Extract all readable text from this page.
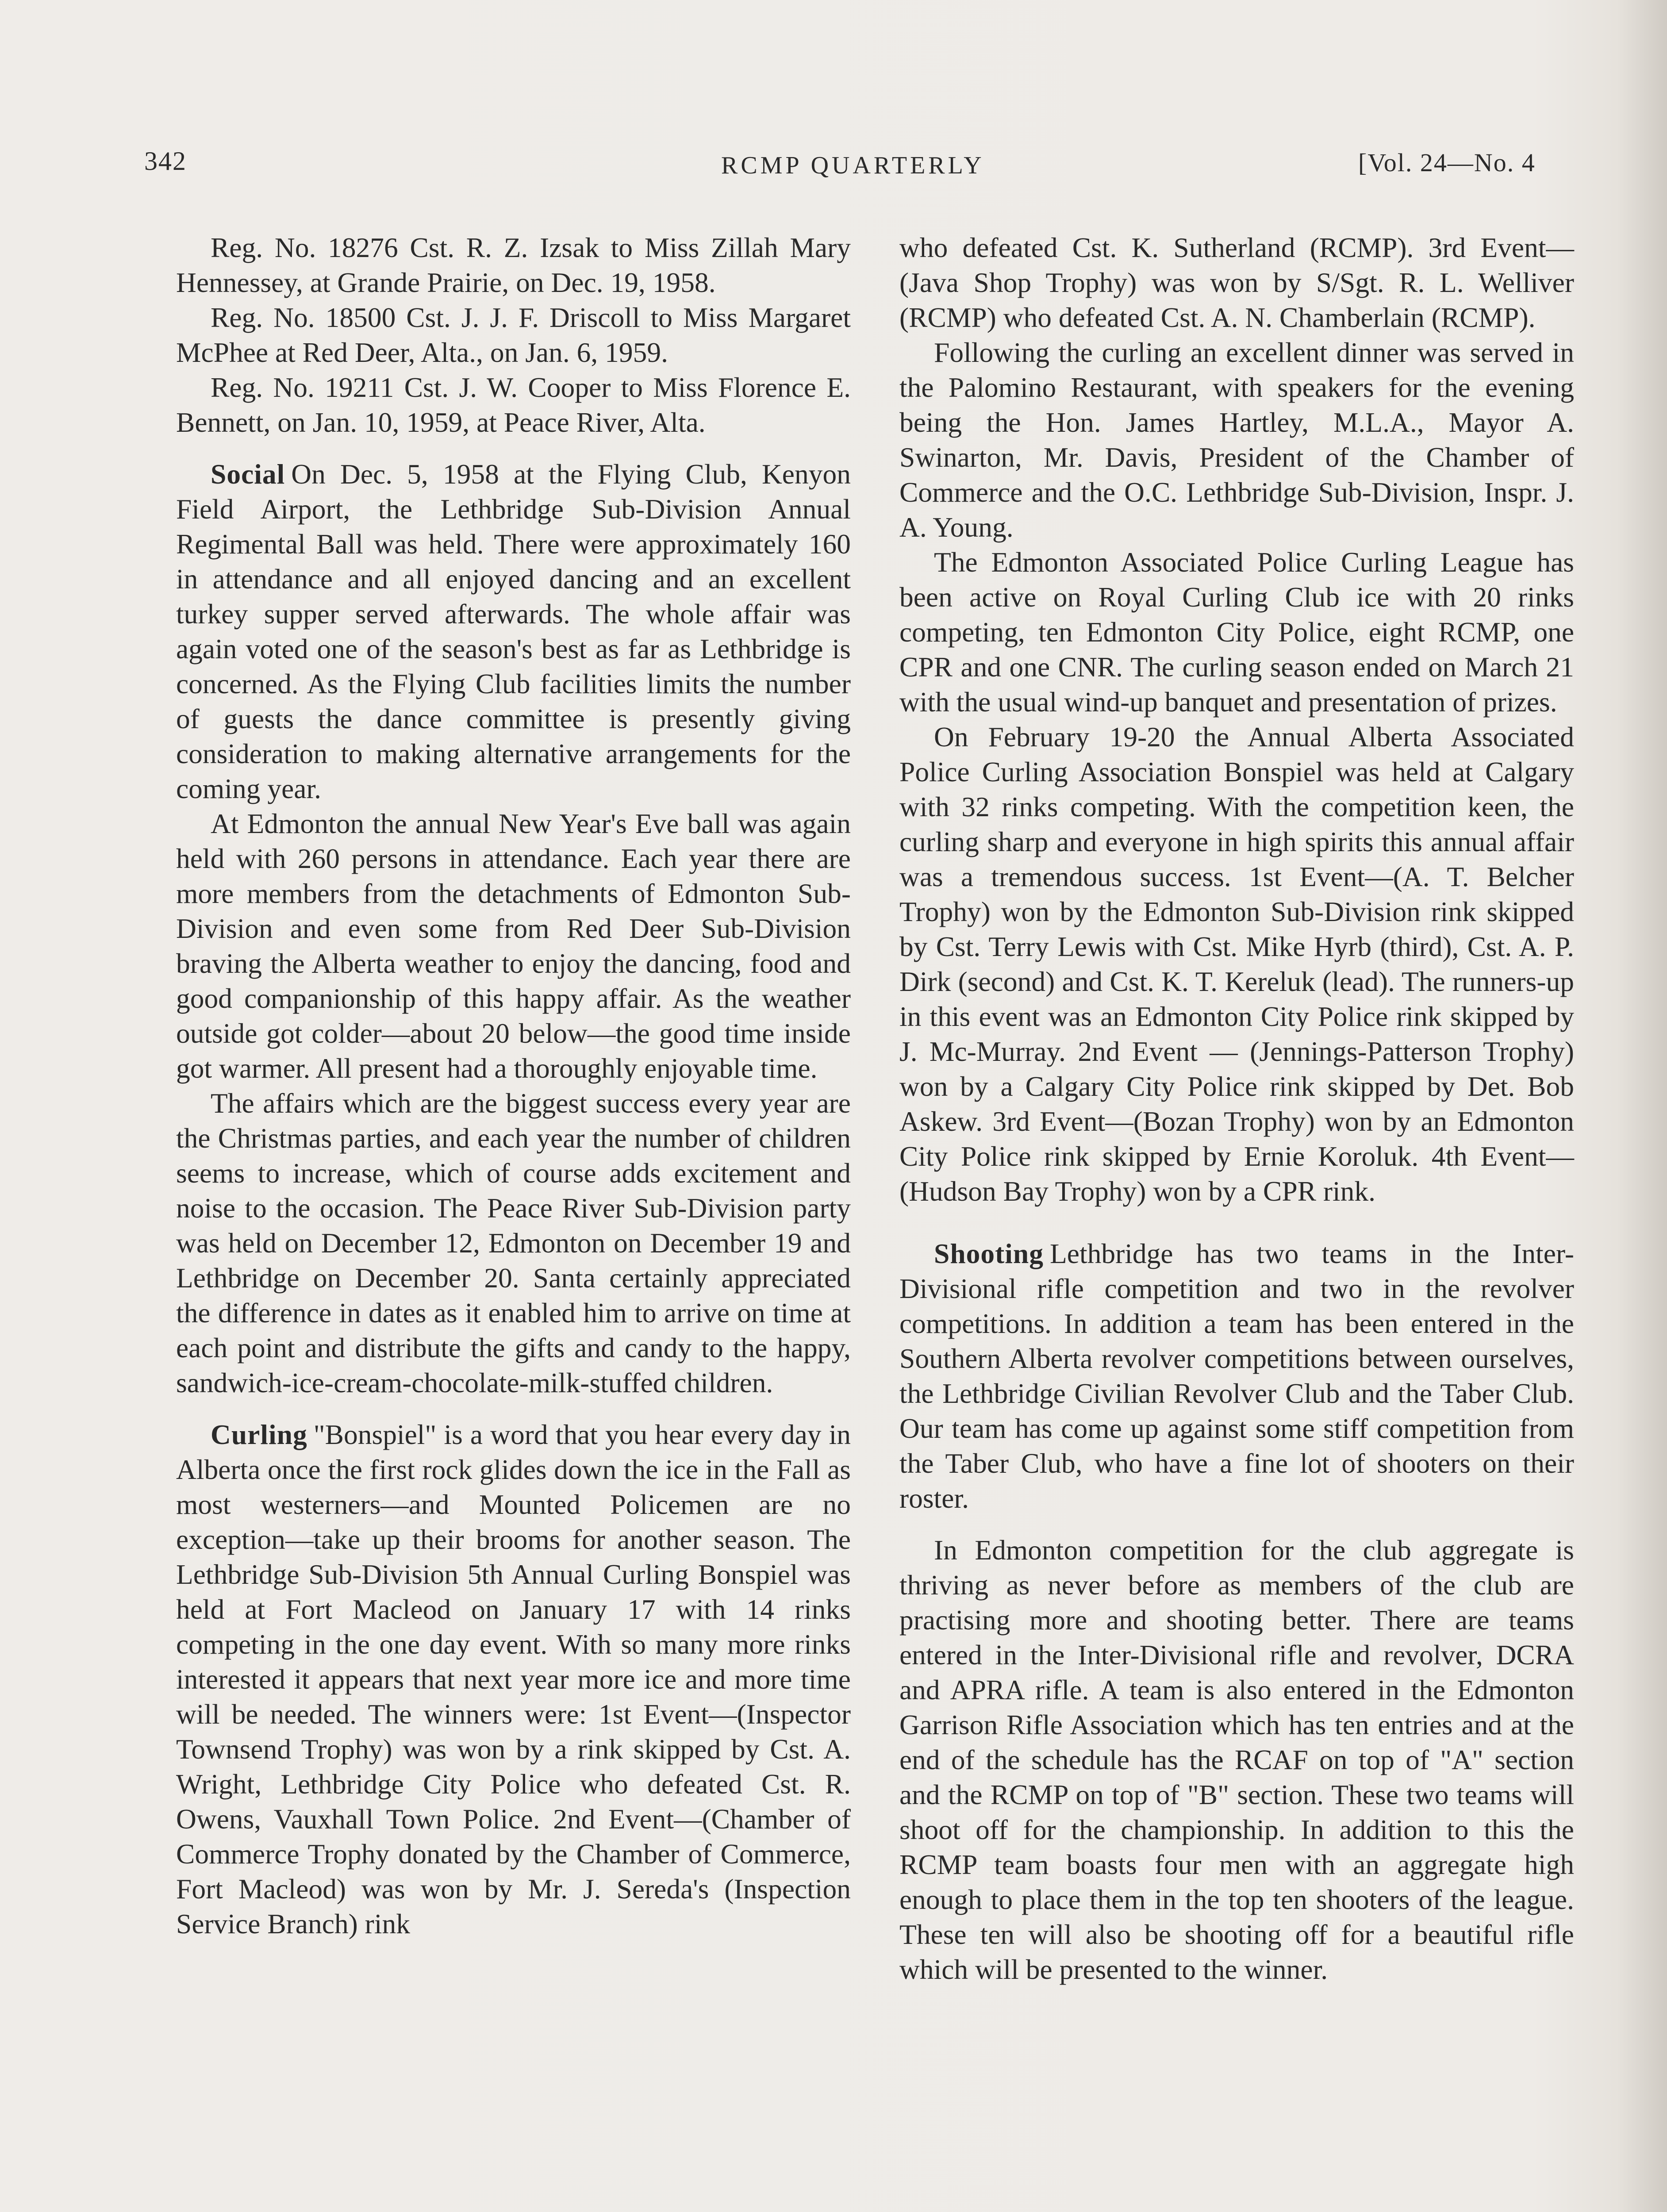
342	RCMP QUARTERLY	[Vol. 24—No. 4

Reg. No. 18276 Cst. R. Z. Izsak to Miss Zillah Mary Hennessey, at Grande Prairie, on Dec. 19, 1958.

Reg. No. 18500 Cst. J. J. F. Driscoll to Miss Margaret McPhee at Red Deer, Alta., on Jan. 6, 1959.

Reg. No. 19211 Cst. J. W. Cooper to Miss Florence E. Bennett, on Jan. 10, 1959, at Peace River, Alta.

Social On Dec. 5, 1958 at the Flying Club, Kenyon Field Airport, the Lethbridge Sub-Division Annual Regimental Ball was held. There were approximately 160 in attendance and all enjoyed dancing and an excellent turkey supper served afterwards. The whole affair was again voted one of the season's best as far as Lethbridge is concerned. As the Flying Club facilities limits the number of guests the dance committee is presently giving consideration to making alternative arrangements for the coming year.

At Edmonton the annual New Year's Eve ball was again held with 260 persons in attendance. Each year there are more members from the detachments of Edmonton Sub-Division and even some from Red Deer Sub-Division braving the Alberta weather to enjoy the dancing, food and good companionship of this happy affair. As the weather outside got colder—about 20 below—the good time inside got warmer. All present had a thoroughly enjoyable time.

The affairs which are the biggest success every year are the Christmas parties, and each year the number of children seems to increase, which of course adds excitement and noise to the occasion. The Peace River Sub-Division party was held on December 12, Edmonton on December 19 and Lethbridge on December 20. Santa certainly appreciated the difference in dates as it enabled him to arrive on time at each point and distribute the gifts and candy to the happy, sandwich-ice-cream-chocolate-milk-stuffed children.

Curling "Bonspiel" is a word that you hear every day in Alberta once the first rock glides down the ice in the Fall as most westerners—and Mounted Policemen are no exception—take up their brooms for another season. The Lethbridge Sub-Division 5th Annual Curling Bonspiel was held at Fort Macleod on January 17 with 14 rinks competing in the one day event. With so many more rinks interested it appears that next year more ice and more time will be needed. The winners were: 1st Event—(Inspector Townsend Trophy) was won by a rink skipped by Cst. A. Wright, Lethbridge City Police who defeated Cst. R. Owens, Vauxhall Town Police. 2nd Event—(Chamber of Commerce Trophy donated by the Chamber of Commerce, Fort Macleod) was won by Mr. J. Sereda's (Inspection Service Branch) rink

who defeated Cst. K. Sutherland (RCMP). 3rd Event—(Java Shop Trophy) was won by S/Sgt. R. L. Welliver (RCMP) who defeated Cst. A. N. Chamberlain (RCMP).

Following the curling an excellent dinner was served in the Palomino Restaurant, with speakers for the evening being the Hon. James Hartley, M.L.A., Mayor A. Swinarton, Mr. Davis, President of the Chamber of Commerce and the O.C. Lethbridge Sub-Division, Inspr. J. A. Young.

The Edmonton Associated Police Curling League has been active on Royal Curling Club ice with 20 rinks competing, ten Edmonton City Police, eight RCMP, one CPR and one CNR. The curling season ended on March 21 with the usual wind-up banquet and presentation of prizes.

On February 19-20 the Annual Alberta Associated Police Curling Association Bonspiel was held at Calgary with 32 rinks competing. With the competition keen, the curling sharp and everyone in high spirits this annual affair was a tremendous success. 1st Event—(A. T. Belcher Trophy) won by the Edmonton Sub-Division rink skipped by Cst. Terry Lewis with Cst. Mike Hyrb (third), Cst. A. P. Dirk (second) and Cst. K. T. Kereluk (lead). The runners-up in this event was an Edmonton City Police rink skipped by J. Mc-Murray. 2nd Event — (Jennings-Patterson Trophy) won by a Calgary City Police rink skipped by Det. Bob Askew. 3rd Event—(Bozan Trophy) won by an Edmonton City Police rink skipped by Ernie Koroluk. 4th Event—(Hudson Bay Trophy) won by a CPR rink.

Shooting Lethbridge has two teams in the Inter-Divisional rifle competition and two in the revolver competitions. In addition a team has been entered in the Southern Alberta revolver competitions between ourselves, the Lethbridge Civilian Revolver Club and the Taber Club. Our team has come up against some stiff competition from the Taber Club, who have a fine lot of shooters on their roster.

In Edmonton competition for the club aggregate is thriving as never before as members of the club are practising more and shooting better. There are teams entered in the Inter-Divisional rifle and revolver, DCRA and APRA rifle. A team is also entered in the Edmonton Garrison Rifle Association which has ten entries and at the end of the schedule has the RCAF on top of "A" section and the RCMP on top of "B" section. These two teams will shoot off for the championship. In addition to this the RCMP team boasts four men with an aggregate high enough to place them in the top ten shooters of the league. These ten will also be shooting off for a beautiful rifle which will be presented to the winner.
